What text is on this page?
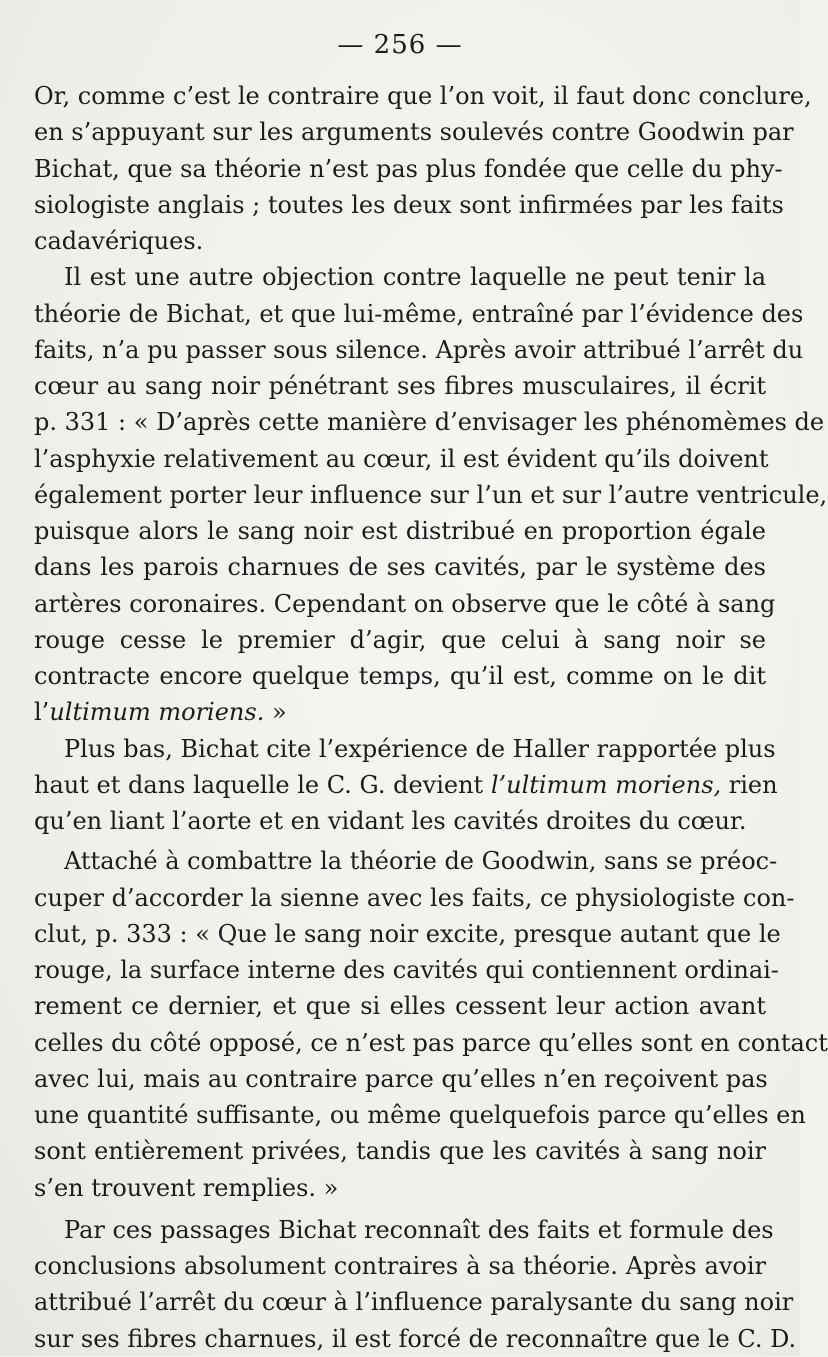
— 256 —
Or, comme c’est le contraire que l’on voit, il faut donc conclure,
en s’appuyant sur les arguments soulevés contre Goodwin par
Bichat, que sa théorie n’est pas plus fondée que celle du phy-
siologiste anglais ; toutes les deux sont infirmées par les faits
cadavériques.
Il est une autre objection contre laquelle ne peut tenir la
théorie de Bichat, et que lui-même, entraîné par l’évidence des
faits, n’a pu passer sous silence. Après avoir attribué l’arrêt du
cœur au sang noir pénétrant ses fibres musculaires, il écrit
p. 331 : « D’après cette manière d’envisager les phénomèmes de
l’asphyxie relativement au cœur, il est évident qu’ils doivent
également porter leur influence sur l’un et sur l’autre ventricule,
puisque alors le sang noir est distribué en proportion égale
dans les parois charnues de ses cavités, par le système des
artères coronaires. Cependant on observe que le côté à sang
rouge cesse le premier d’agir, que celui à sang noir se
contracte encore quelque temps, qu’il est, comme on le dit
l’ultimum moriens. »
Plus bas, Bichat cite l’expérience de Haller rapportée plus
haut et dans laquelle le C. G. devient l’ultimum moriens, rien
qu’en liant l’aorte et en vidant les cavités droites du cœur.
Attaché à combattre la théorie de Goodwin, sans se préoc-
cuper d’accorder la sienne avec les faits, ce physiologiste con-
clut, p. 333 : « Que le sang noir excite, presque autant que le
rouge, la surface interne des cavités qui contiennent ordinai-
rement ce dernier, et que si elles cessent leur action avant
celles du côté opposé, ce n’est pas parce qu’elles sont en contact
avec lui, mais au contraire parce qu’elles n’en reçoivent pas
une quantité suffisante, ou même quelquefois parce qu’elles en
sont entièrement privées, tandis que les cavités à sang noir
s’en trouvent remplies. »
Par ces passages Bichat reconnaît des faits et formule des
conclusions absolument contraires à sa théorie. Après avoir
attribué l’arrêt du cœur à l’influence paralysante du sang noir
sur ses fibres charnues, il est forcé de reconnaître que le C. D.
